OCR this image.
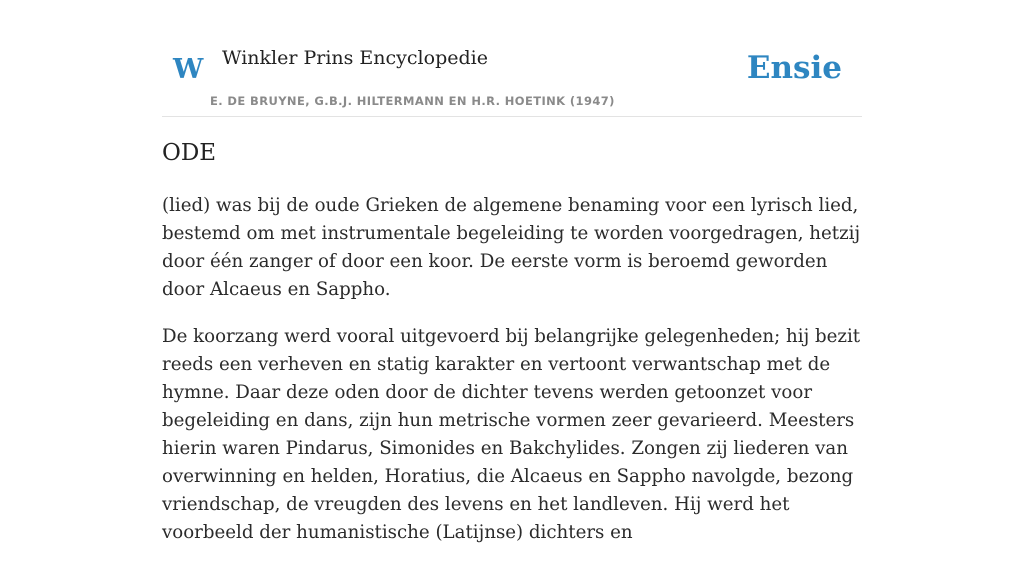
W Winkler Prins Encyclopedie
E. DE BRUYNE, G.B.J. HILTERMANN EN H.R. HOETINK (1947)
Ensie
ODE

(lied) was bij de oude Grieken de algemene benaming voor een lyrisch lied, bestemd om met instrumentale begeleiding te worden voorgedragen, hetzij door één zanger of door een koor. De eerste vorm is beroemd geworden door Alcaeus en Sappho.

De koorzang werd vooral uitgevoerd bij belangrijke gelegenheden; hij bezit reeds een verheven en statig karakter en vertoont verwantschap met de hymne. Daar deze oden door de dichter tevens werden getoonzet voor begeleiding en dans, zijn hun metrische vormen zeer gevarieerd. Meesters hierin waren Pindarus, Simonides en Bakchylides. Zongen zij liederen van overwinning en helden, Horatius, die Alcaeus en Sappho navolgde, bezong vriendschap, de vreugden des levens en het landleven. Hij werd het voorbeeld der humanistische (Latijnse) dichters en
